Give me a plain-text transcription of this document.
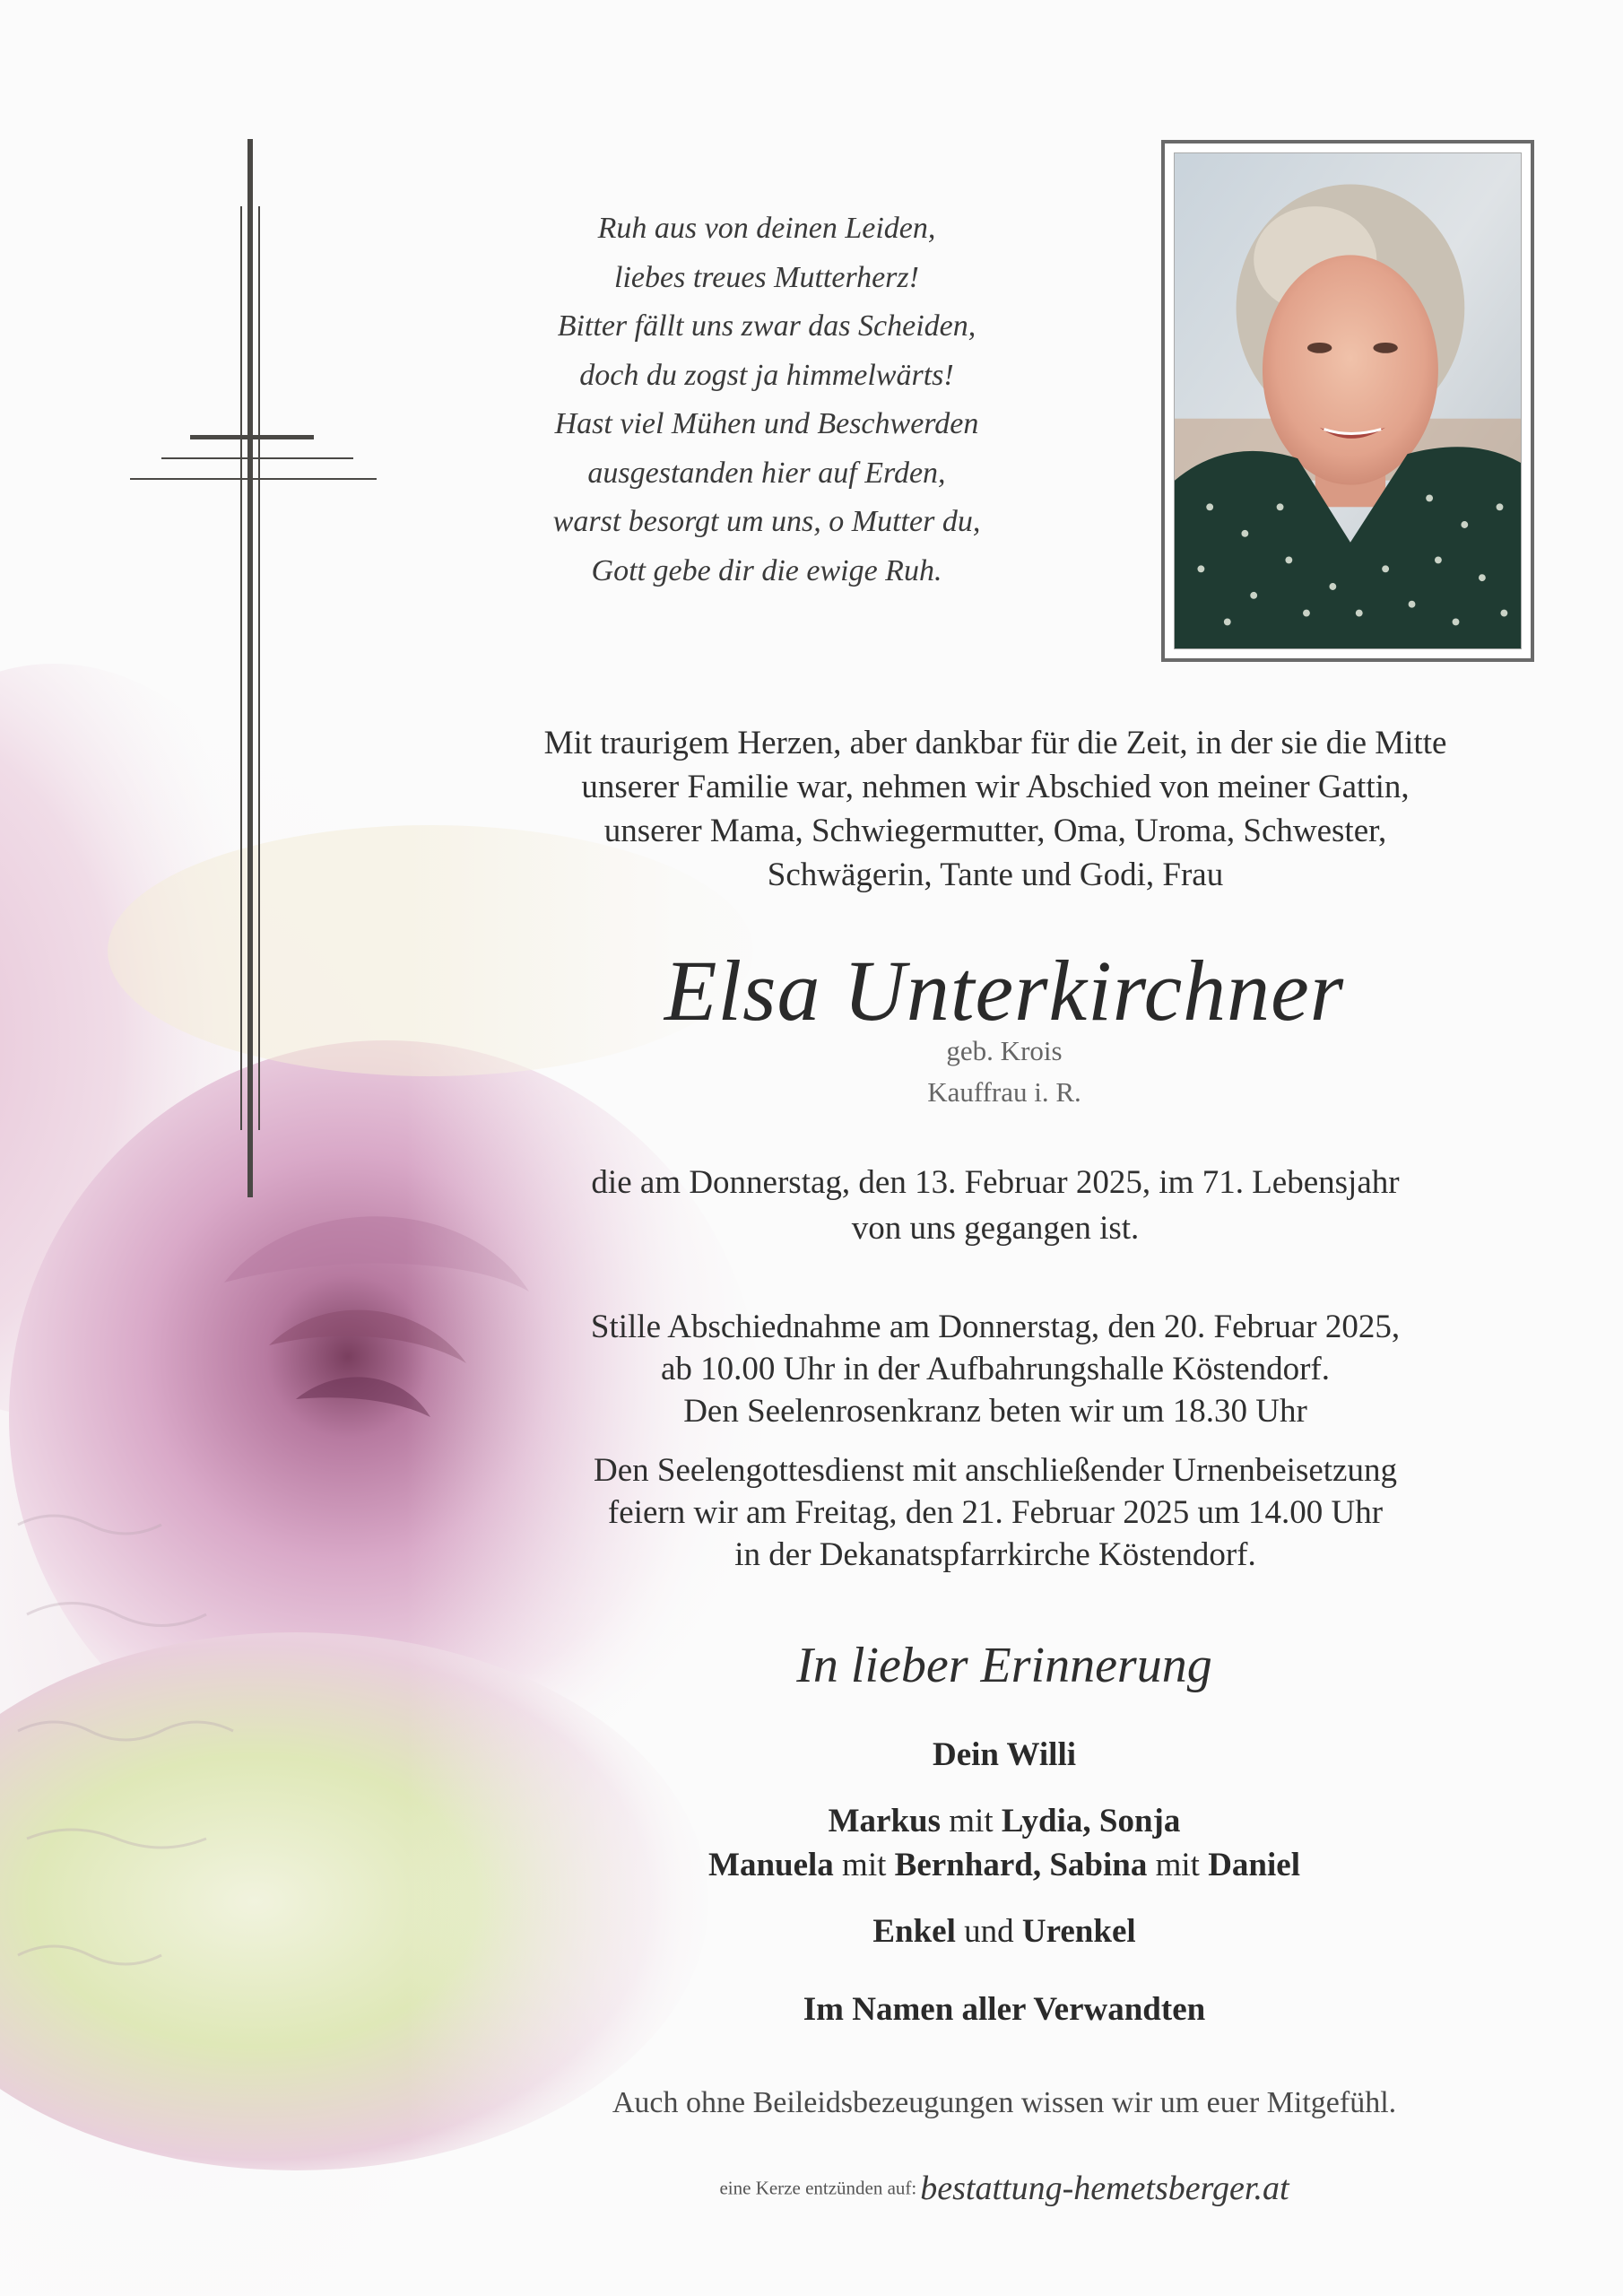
Ruh aus von deinen Leiden,
liebes treues Mutterherz!
Bitter fällt uns zwar das Scheiden,
doch du zogst ja himmelwärts!
Hast viel Mühen und Beschwerden
ausgestanden hier auf Erden,
warst besorgt um uns, o Mutter du,
Gott gebe dir die ewige Ruh.
Mit traurigem Herzen, aber dankbar für die Zeit, in der sie die Mitte
unserer Familie war, nehmen wir Abschied von meiner Gattin,
unserer Mama, Schwiegermutter, Oma, Uroma, Schwester,
Schwägerin, Tante und Godi, Frau
Elsa Unterkirchner
geb. Krois
Kauffrau i. R.
die am Donnerstag, den 13. Februar 2025, im 71. Lebensjahr
von uns gegangen ist.
Stille Abschiednahme am Donnerstag, den 20. Februar 2025,
ab 10.00 Uhr in der Aufbahrungshalle Köstendorf.
Den Seelenrosenkranz beten wir um 18.30 Uhr
Den Seelengottesdienst mit anschließender Urnenbeisetzung
feiern wir am Freitag, den 21. Februar 2025 um 14.00 Uhr
in der Dekanatspfarrkirche Köstendorf.
In lieber Erinnerung
Dein Willi
Markus mit Lydia, Sonja
Manuela mit Bernhard, Sabina mit Daniel
Enkel und Urenkel
Im Namen aller Verwandten
Auch ohne Beileidsbezeugungen wissen wir um euer Mitgefühl.
eine Kerze entzünden auf: bestattung-hemetsberger.at
